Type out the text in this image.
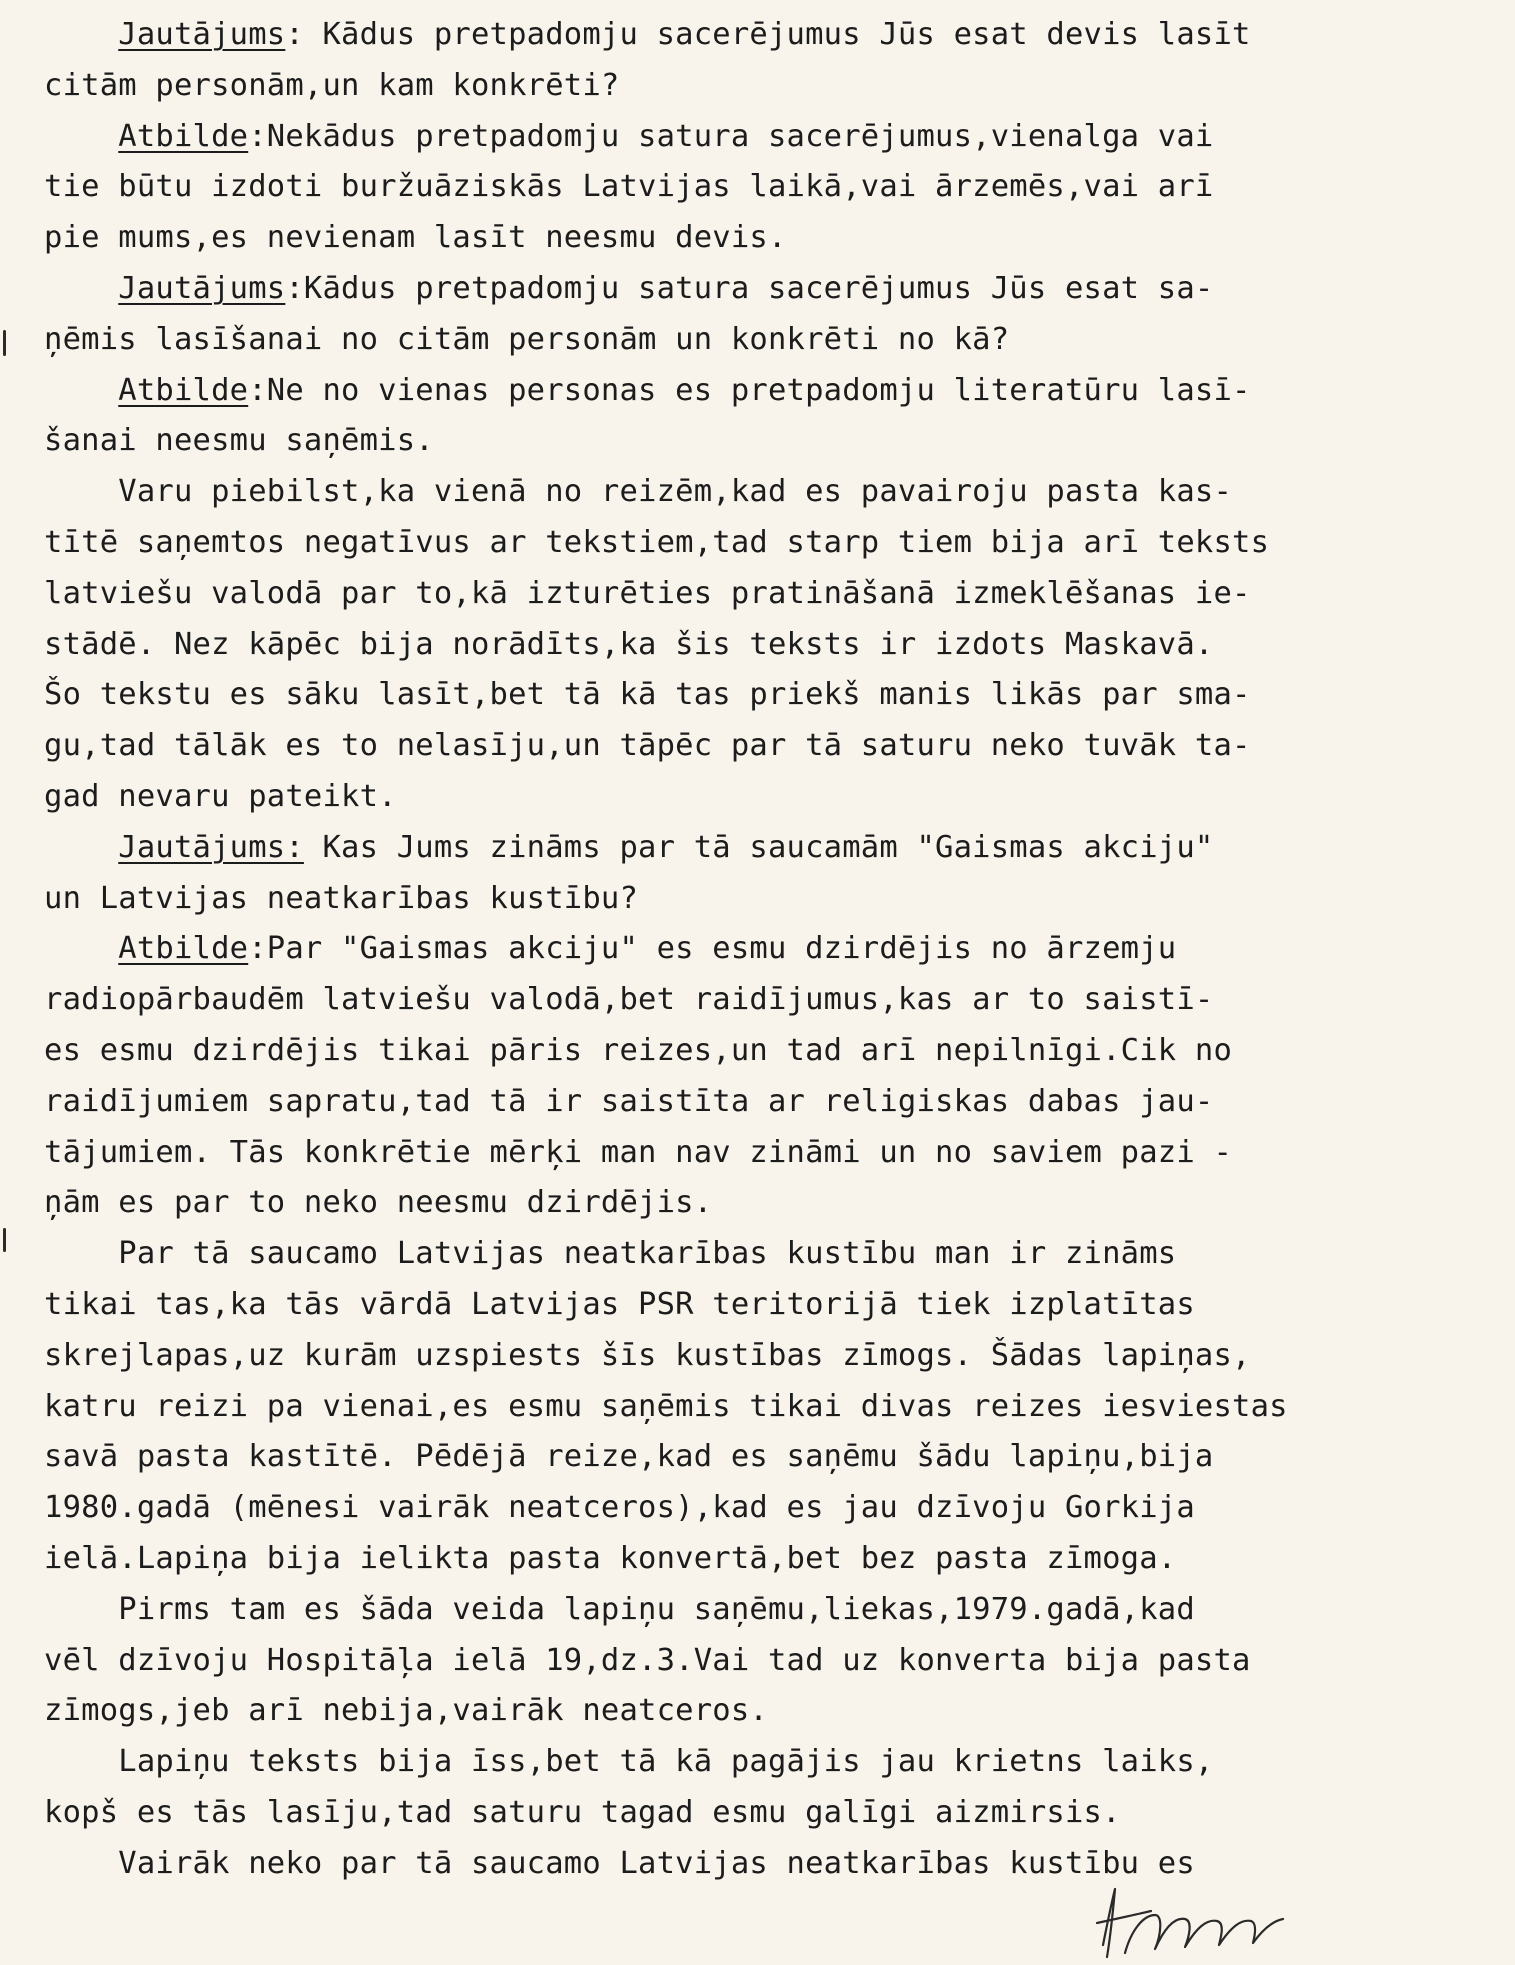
Jautājums: Kādus pretpadomju sacerējumus Jūs esat devis lasīt
citām personām,un kam konkrēti?
Atbilde:Nekādus pretpadomju satura sacerējumus,vienalga vai
tie būtu izdoti buržuāziskās Latvijas laikā,vai ārzemēs,vai arī
pie mums,es nevienam lasīt neesmu devis.
Jautājums:Kādus pretpadomju satura sacerējumus Jūs esat sa-
ņēmis lasīšanai no citām personām un konkrēti no kā?
Atbilde:Ne no vienas personas es pretpadomju literatūru lasī-
šanai neesmu saņēmis.
Varu piebilst,ka vienā no reizēm,kad es pavairoju pasta kas-
tītē saņemtos negatīvus ar tekstiem,tad starp tiem bija arī teksts
latviešu valodā par to,kā izturēties pratināšanā izmeklēšanas ie-
stādē. Nez kāpēc bija norādīts,ka šis teksts ir izdots Maskavā.
Šo tekstu es sāku lasīt,bet tā kā tas priekš manis likās par sma-
gu,tad tālāk es to nelasīju,un tāpēc par tā saturu neko tuvāk ta-
gad nevaru pateikt.
Jautājums: Kas Jums zināms par tā saucamām "Gaismas akciju"
un Latvijas neatkarības kustību?
Atbilde:Par "Gaismas akciju" es esmu dzirdējis no ārzemju
radiopārbaudēm latviešu valodā,bet raidījumus,kas ar to saistī-
es esmu dzirdējis tikai pāris reizes,un tad arī nepilnīgi.Cik no
raidījumiem sapratu,tad tā ir saistīta ar religiskas dabas jau-
tājumiem. Tās konkrētie mērķi man nav zināmi un no saviem pazi -
ņām es par to neko neesmu dzirdējis.
Par tā saucamo Latvijas neatkarības kustību man ir zināms
tikai tas,ka tās vārdā Latvijas PSR teritorijā tiek izplatītas
skrejlapas,uz kurām uzspiests šīs kustības zīmogs. Šādas lapiņas,
katru reizi pa vienai,es esmu saņēmis tikai divas reizes iesviestas
savā pasta kastītē. Pēdējā reize,kad es saņēmu šādu lapiņu,bija
1980.gadā (mēnesi vairāk neatceros),kad es jau dzīvoju Gorkija
ielā.Lapiņa bija ielikta pasta konvertā,bet bez pasta zīmoga.
Pirms tam es šāda veida lapiņu saņēmu,liekas,1979.gadā,kad
vēl dzīvoju Hospitāļa ielā 19,dz.3.Vai tad uz konverta bija pasta
zīmogs,jeb arī nebija,vairāk neatceros.
Lapiņu teksts bija īss,bet tā kā pagājis jau krietns laiks,
kopš es tās lasīju,tad saturu tagad esmu galīgi aizmirsis.
Vairāk neko par tā saucamo Latvijas neatkarības kustību es
